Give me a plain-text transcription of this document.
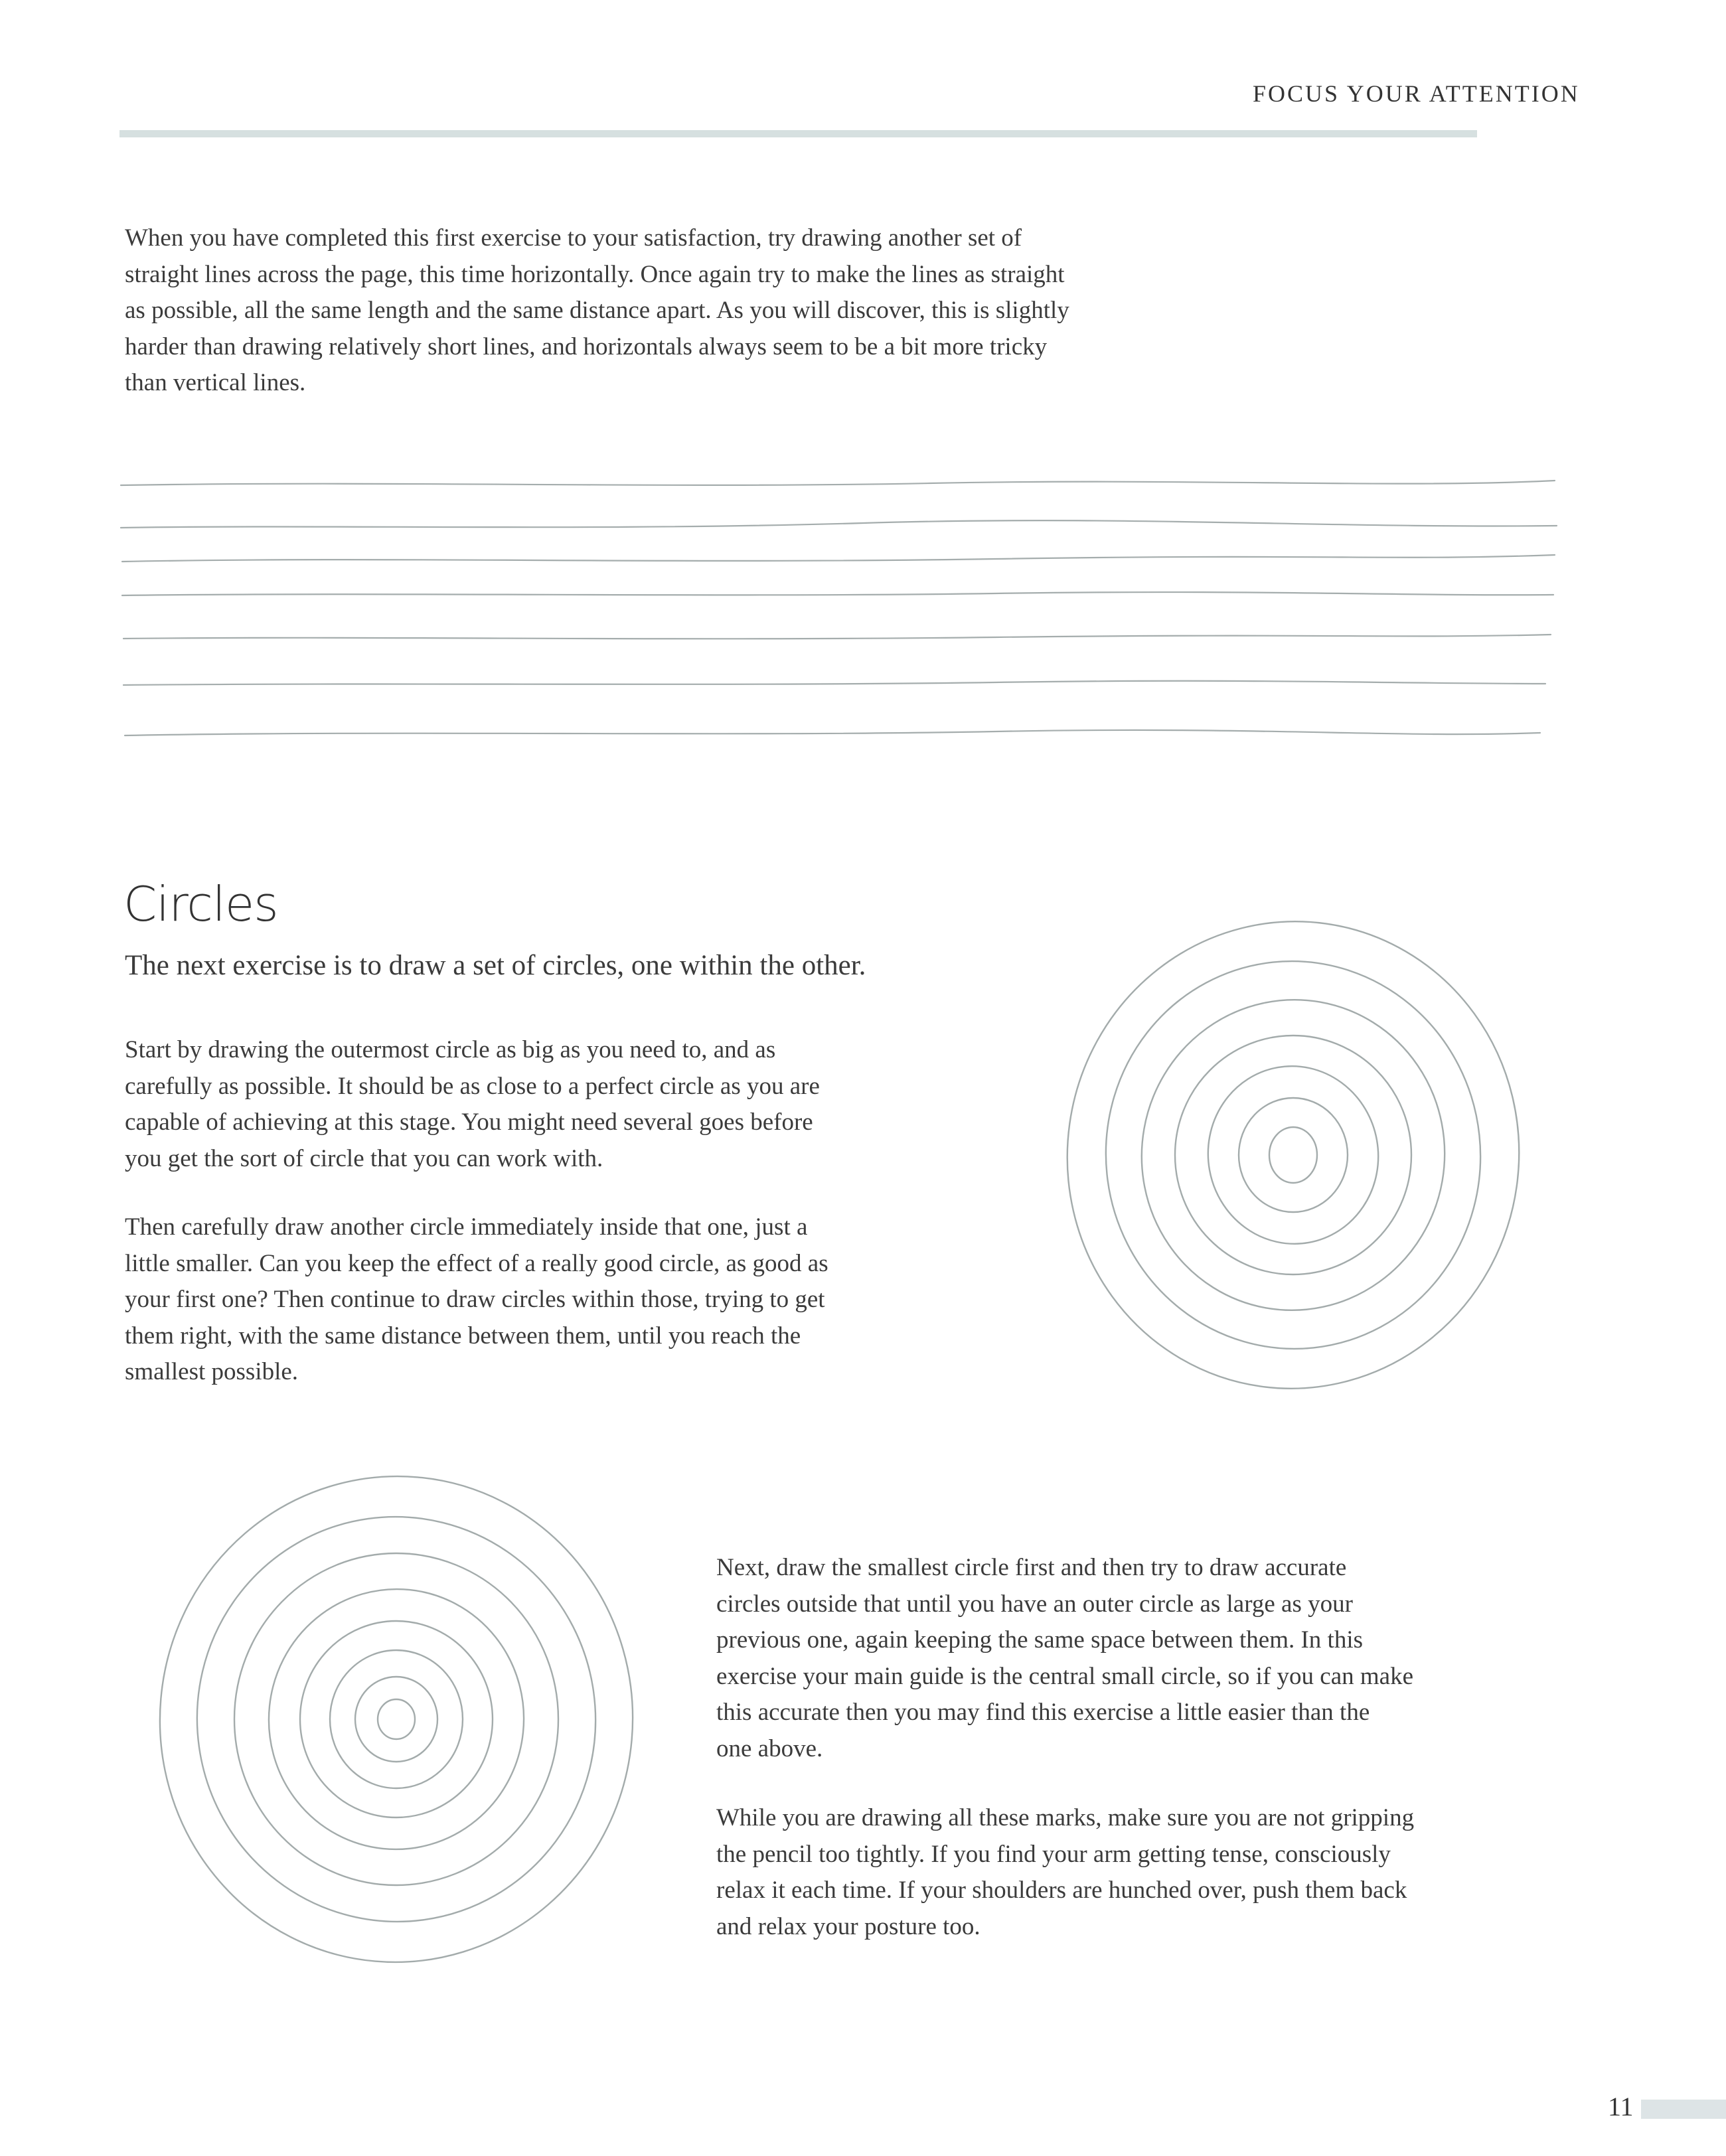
FOCUS YOUR ATTENTION
When you have completed this first exercise to your satisfaction, try drawing another set of
straight lines across the page, this time horizontally. Once again try to make the lines as straight
as possible, all the same length and the same distance apart. As you will discover, this is slightly
harder than drawing relatively short lines, and horizontals always seem to be a bit more tricky
than vertical lines.
Circles
The next exercise is to draw a set of circles, one within the other.
Start by drawing the outermost circle as big as you need to, and as
carefully as possible. It should be as close to a perfect circle as you are
capable of achieving at this stage. You might need several goes before
you get the sort of circle that you can work with.
Then carefully draw another circle immediately inside that one, just a
little smaller. Can you keep the effect of a really good circle, as good as
your first one? Then continue to draw circles within those, trying to get
them right, with the same distance between them, until you reach the
smallest possible.
Next, draw the smallest circle first and then try to draw accurate
circles outside that until you have an outer circle as large as your
previous one, again keeping the same space between them. In this
exercise your main guide is the central small circle, so if you can make
this accurate then you may find this exercise a little easier than the
one above.
While you are drawing all these marks, make sure you are not gripping
the pencil too tightly. If you find your arm getting tense, consciously
relax it each time. If your shoulders are hunched over, push them back
and relax your posture too.
11
